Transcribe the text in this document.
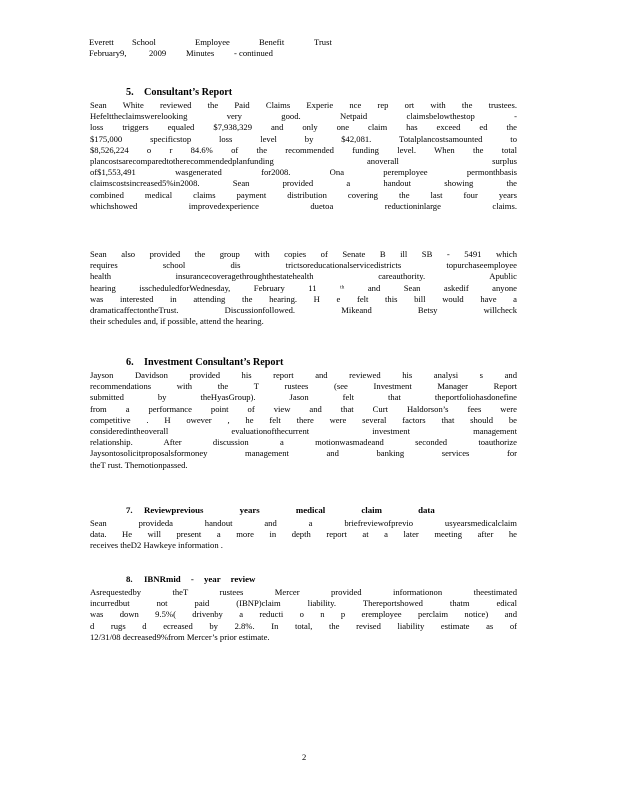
Everett School	Employee	Benefit	Trust
February9,	2009 Minutes - continued
5. Consultant’s Report
Sean White reviewed the Paid Claims Experie nce rep ort with the trustees.
Hefelttheclaimswerelooking very good. Netpaid claimsbelowthestop -
loss triggers equaled $7,938,329 and only one claim has exceed ed the
$175,000 specificstop loss level by $42,081. Totalplancostsamounted to
$8,526,224 o r 84.6% of the recommended funding level. When the total
plancostsarecomparedtotherecommendedplanfunding anoverall surplus
of$1,553,491 wasgenerated for2008. Ona peremployee permonthbasis
claimscostsincreased5%in2008. Sean provided a handout showing the
combined medical claims payment distribution covering the last four years
whichshowed improvedexperience duetoa reductioninlarge claims.
Sean also provided the group with copies of Senate B ill SB - 5491 which
requires school dis trictsoreducationalservicedistricts topurchaseemployee
health insurancecoveragethroughthestatehealth careauthority. Apublic
hearing isscheduledforWednesday, February 11 ᵗʰ and Sean askedif anyone
was interested in attending the hearing. H e felt this bill would have a
dramaticaffectontheTrust. Discussionfollowed. Mikeand Betsy willcheck
their schedules and, if possible, attend the hearing.
6. Investment Consultant’s Report
Jayson Davidson provided his report and reviewed his analysi s and
recommendations with the T rustees (see Investment Manager Report
submitted by theHyasGroup). Jason felt that theportfoliohasdonefine
from a performance point of view and that Curt Haldorson’s fees were
competitive . H owever , he felt there were several factors that should be
consideredintheoverall evaluationofthecurrent investment management
relationship. After discussion a motionwasmadeand seconded toauthorize
Jaysontosolicitproposalsformoney management and banking services for
theT rust. Themotionpassed.
7. Reviewprevious years medical claim data
Sean provideda handout and a briefreviewofprevio usyearsmedicalclaim
data. He will present a more in depth report at a later meeting after he
receives theD2 Hawkeye information .
8. IBNRmid - year review
Asrequestedby theT rustees Mercer provided informationon theestimated
incurredbut not paid (IBNP)claim liability. Thereportshowed thatm edical
was down 9.5%( drivenby a reducti o n p eremployee perclaim notice) and
d rugs d ecreased by 2.8%. In total, the revised liability estimate as of
12/31/08 decreased9%from Mercer’s prior estimate.
2
